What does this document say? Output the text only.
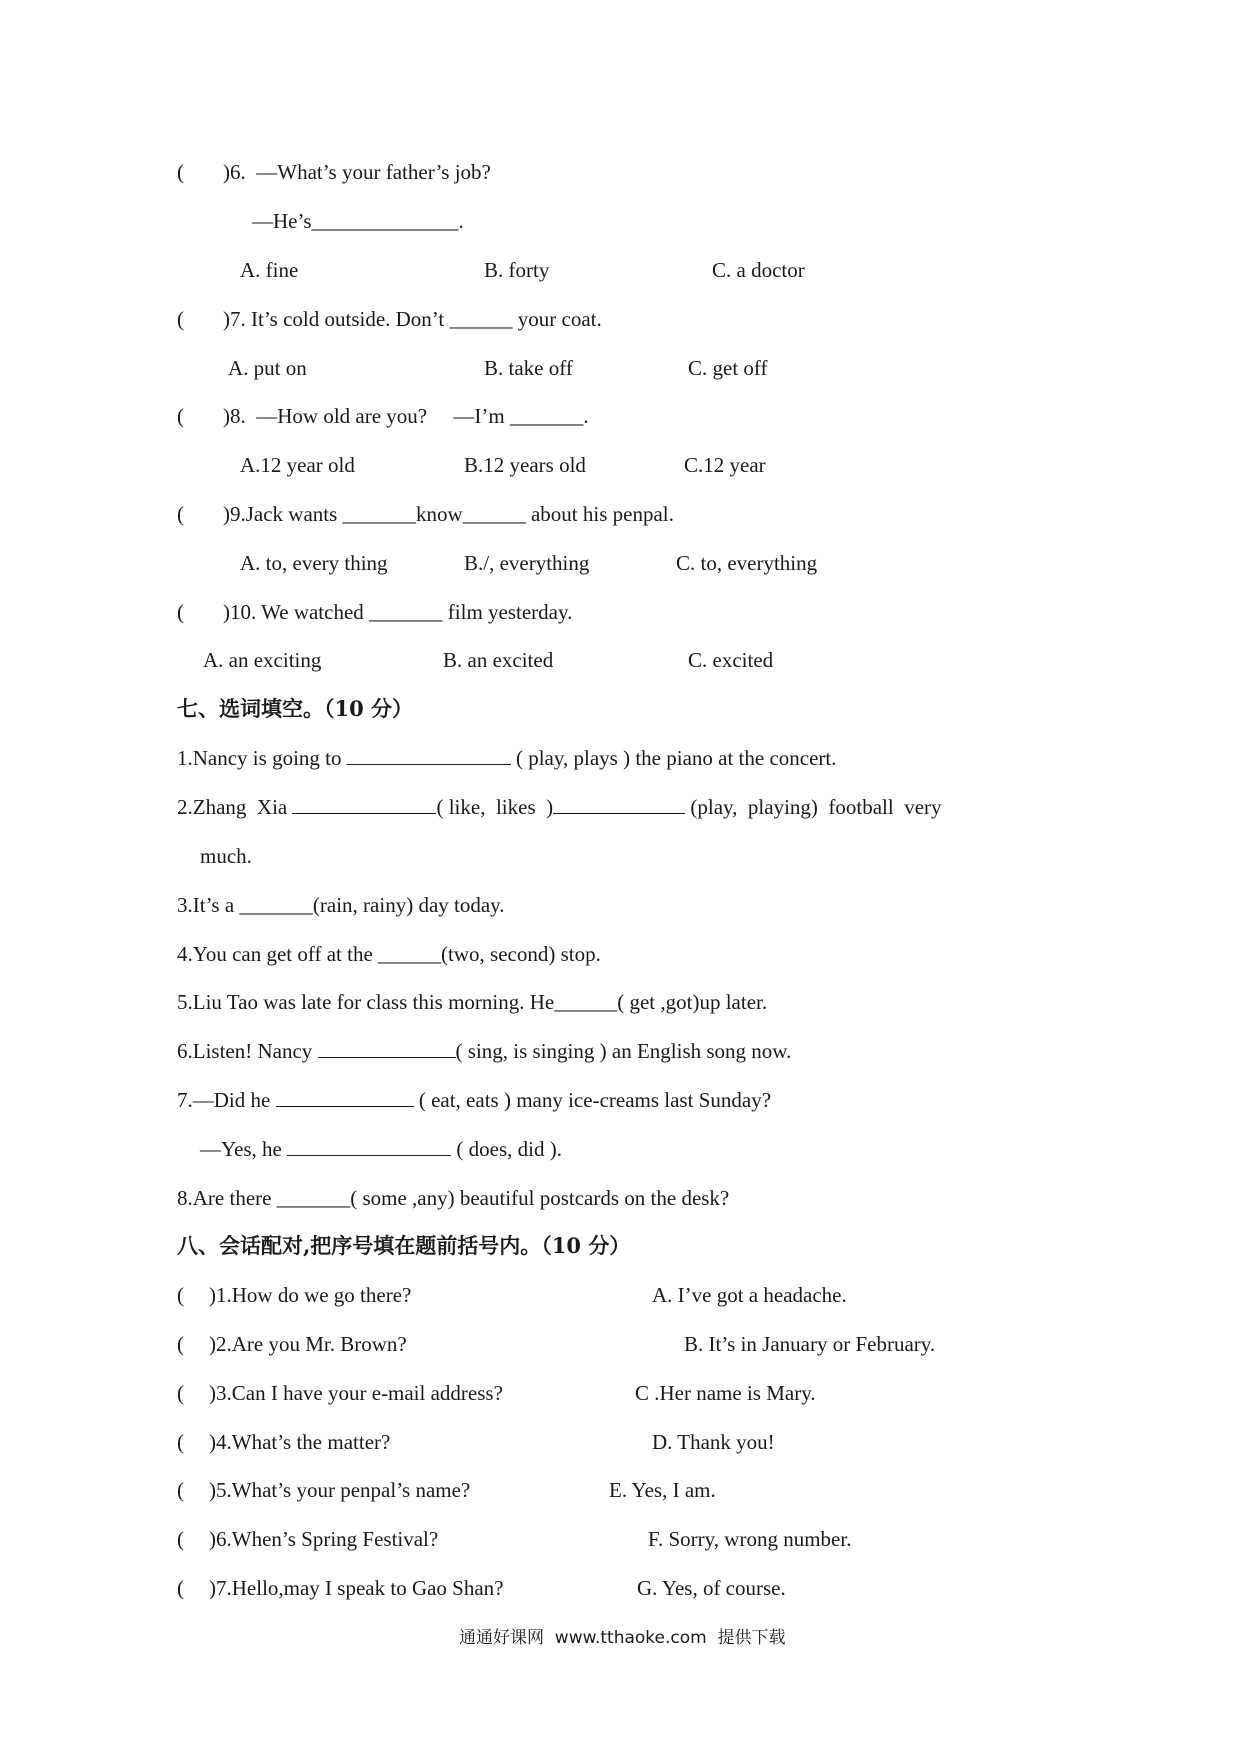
( )6.  —What’s your father’s job?
—He’s______________.
A. fine	B. forty	C. a doctor
( )7. It’s cold outside. Don’t ______ your coat.
A. put on	B. take off	C. get off
( )8.  —How old are you?     —I’m _______.
A.12 year old	B.12 years old	C.12 year
( )9.Jack wants _______know______ about his penpal.
A. to, every thing	B./, everything	C. to, everything
( )10. We watched _______ film yesterday.
A. an exciting	B. an excited	C. excited
七、选词填空。（10 分）
1.Nancy is going to	( play, plays ) the piano at the concert.
2.Zhang  Xia	( like,  likes  )	(play,  playing)  football  very
much.
3.It’s a _______(rain, rainy) day today.
4.You can get off at the ______(two, second) stop.
5.Liu Tao was late for class this morning. He______( get ,got)up later.
6.Listen! Nancy	( sing, is singing ) an English song now.
7.—Did he	( eat, eats ) many ice-creams last Sunday?
—Yes, he	( does, did ).
8.Are there _______( some ,any) beautiful postcards on the desk?
八、会话配对,把序号填在题前括号内。（10 分）
( )1.How do we go there?	A. I’ve got a headache.
( )2.Are you Mr. Brown?	B. It’s in January or February.
( )3.Can I have your e-mail address?	C .Her name is Mary.
( )4.What’s the matter?	D. Thank you!
( )5.What’s your penpal’s name?	E. Yes, I am.
( )6.When’s Spring Festival?	F. Sorry, wrong number.
( )7.Hello,may I speak to Gao Shan?	G. Yes, of course.
通通好课网  www.tthaoke.com  提供下载
